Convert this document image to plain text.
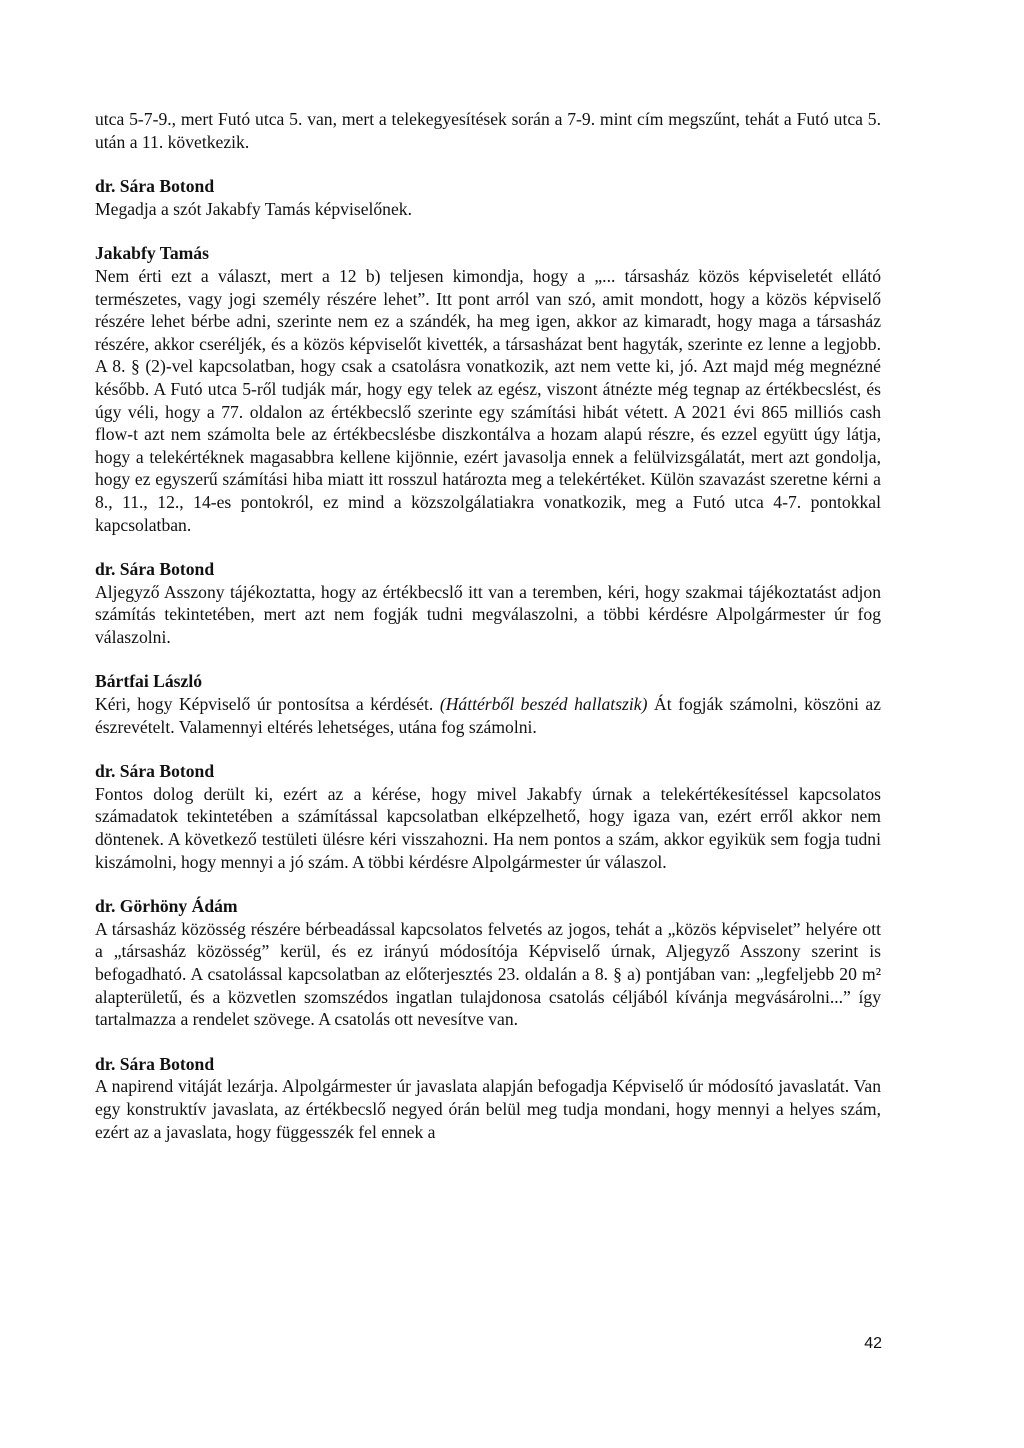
utca 5-7-9., mert Futó utca 5. van, mert a telekegyesítések során a 7-9. mint cím megszűnt, tehát a Futó utca 5. után a 11. következik.

dr. Sára Botond

Megadja a szót Jakabfy Tamás képviselőnek.

Jakabfy Tamás

Nem érti ezt a választ, mert a 12 b) teljesen kimondja, hogy a „... társasház közös képviseletét ellátó természetes, vagy jogi személy részére lehet”. Itt pont arról van szó, amit mondott, hogy a közös képviselő részére lehet bérbe adni, szerinte nem ez a szándék, ha meg igen, akkor az kimaradt, hogy maga a társasház részére, akkor cseréljék, és a közös képviselőt kivették, a társasházat bent hagyták, szerinte ez lenne a legjobb. A 8. § (2)-vel kapcsolatban, hogy csak a csatolásra vonatkozik, azt nem vette ki, jó. Azt majd még megnézné később. A Futó utca 5-ről tudják már, hogy egy telek az egész, viszont átnézte még tegnap az értékbecslést, és úgy véli, hogy a 77. oldalon az értékbecslő szerinte egy számítási hibát vétett. A 2021 évi 865 milliós cash flow-t azt nem számolta bele az értékbecslésbe diszkontálva a hozam alapú részre, és ezzel együtt úgy látja, hogy a telekértéknek magasabbra kellene kijönnie, ezért javasolja ennek a felülvizsgálatát, mert azt gondolja, hogy ez egyszerű számítási hiba miatt itt rosszul határozta meg a telekértéket. Külön szavazást szeretne kérni a 8., 11., 12., 14-es pontokról, ez mind a közszolgálatiakra vonatkozik, meg a Futó utca 4-7. pontokkal kapcsolatban.

dr. Sára Botond

Aljegyző Asszony tájékoztatta, hogy az értékbecslő itt van a teremben, kéri, hogy szakmai tájékoztatást adjon számítás tekintetében, mert azt nem fogják tudni megválaszolni, a többi kérdésre Alpolgármester úr fog válaszolni.

Bártfai László

Kéri, hogy Képviselő úr pontosítsa a kérdését. (Háttérből beszéd hallatszik) Át fogják számolni, köszöni az észrevételt. Valamennyi eltérés lehetséges, utána fog számolni.

dr. Sára Botond

Fontos dolog derült ki, ezért az a kérése, hogy mivel Jakabfy úrnak a telekértékesítéssel kapcsolatos számadatok tekintetében a számítással kapcsolatban elképzelhető, hogy igaza van, ezért erről akkor nem döntenek. A következő testületi ülésre kéri visszahozni. Ha nem pontos a szám, akkor egyikük sem fogja tudni kiszámolni, hogy mennyi a jó szám. A többi kérdésre Alpolgármester úr válaszol.

dr. Görhöny Ádám

A társasház közösség részére bérbeadással kapcsolatos felvetés az jogos, tehát a „közös képviselet” helyére ott a „társasház közösség” kerül, és ez irányú módosítója Képviselő úrnak, Aljegyző Asszony szerint is befogadható. A csatolással kapcsolatban az előterjesztés 23. oldalán a 8. § a) pontjában van: „legfeljebb 20 m² alapterületű, és a közvetlen szomszédos ingatlan tulajdonosa csatolás céljából kívánja megvásárolni...” így tartalmazza a rendelet szövege. A csatolás ott nevesítve van.

dr. Sára Botond

A napirend vitáját lezárja. Alpolgármester úr javaslata alapján befogadja Képviselő úr módosító javaslatát. Van egy konstruktív javaslata, az értékbecslő negyed órán belül meg tudja mondani, hogy mennyi a helyes szám, ezért az a javaslata, hogy függesszék fel ennek a

42
